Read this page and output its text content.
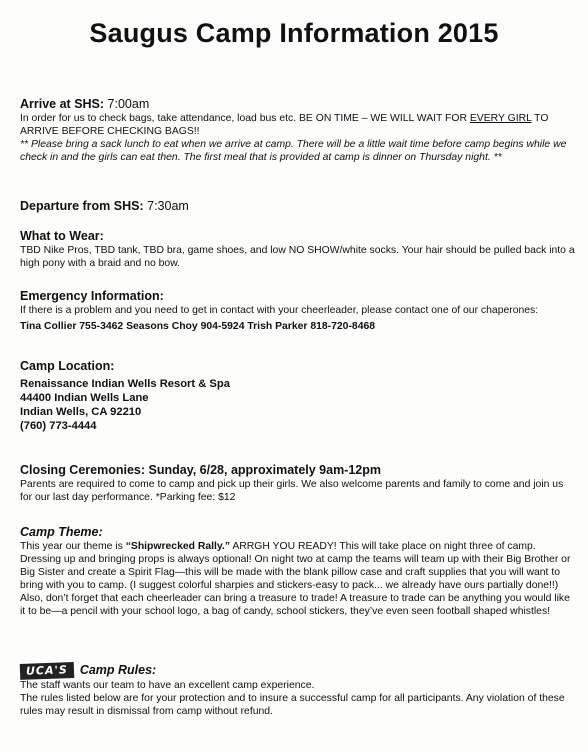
Saugus Camp Information 2015
Arrive at SHS: 7:00am
In order for us to check bags, take attendance, load bus etc. BE ON TIME – WE WILL WAIT FOR EVERY GIRL TO ARRIVE BEFORE CHECKING BAGS!!
** Please bring a sack lunch to eat when we arrive at camp. There will be a little wait time before camp begins while we check in and the girls can eat then. The first meal that is provided at camp is dinner on Thursday night. **
Departure from SHS: 7:30am
What to Wear:
TBD Nike Pros, TBD tank, TBD bra, game shoes, and low NO SHOW/white socks. Your hair should be pulled back into a high pony with a braid and no bow.
Emergency Information:
If there is a problem and you need to get in contact with your cheerleader, please contact one of our chaperones:
Tina Collier 755-3462 Seasons Choy 904-5924 Trish Parker 818-720-8468
Camp Location:
Renaissance Indian Wells Resort & Spa
44400 Indian Wells Lane
Indian Wells, CA 92210
(760) 773-4444
Closing Ceremonies: Sunday, 6/28, approximately 9am-12pm
Parents are required to come to camp and pick up their girls. We also welcome parents and family to come and join us for our last day performance. *Parking fee: $12
Camp Theme:
This year our theme is “Shipwrecked Rally.” ARRGH YOU READY! This will take place on night three of camp. Dressing up and bringing props is always optional! On night two at camp the teams will team up with their Big Brother or Big Sister and create a Spirit Flag—this will be made with the blank pillow case and craft supplies that you will want to bring with you to camp. (I suggest colorful sharpies and stickers-easy to pack... we already have ours partially done!!) Also, don’t forget that each cheerleader can bring a treasure to trade! A treasure to trade can be anything you would like it to be—a pencil with your school logo, a bag of candy, school stickers, they’ve even seen football shaped whistles!
UCA'S Camp Rules:
The staff wants our team to have an excellent camp experience.
The rules listed below are for your protection and to insure a successful camp for all participants. Any violation of these rules may result in dismissal from camp without refund.
